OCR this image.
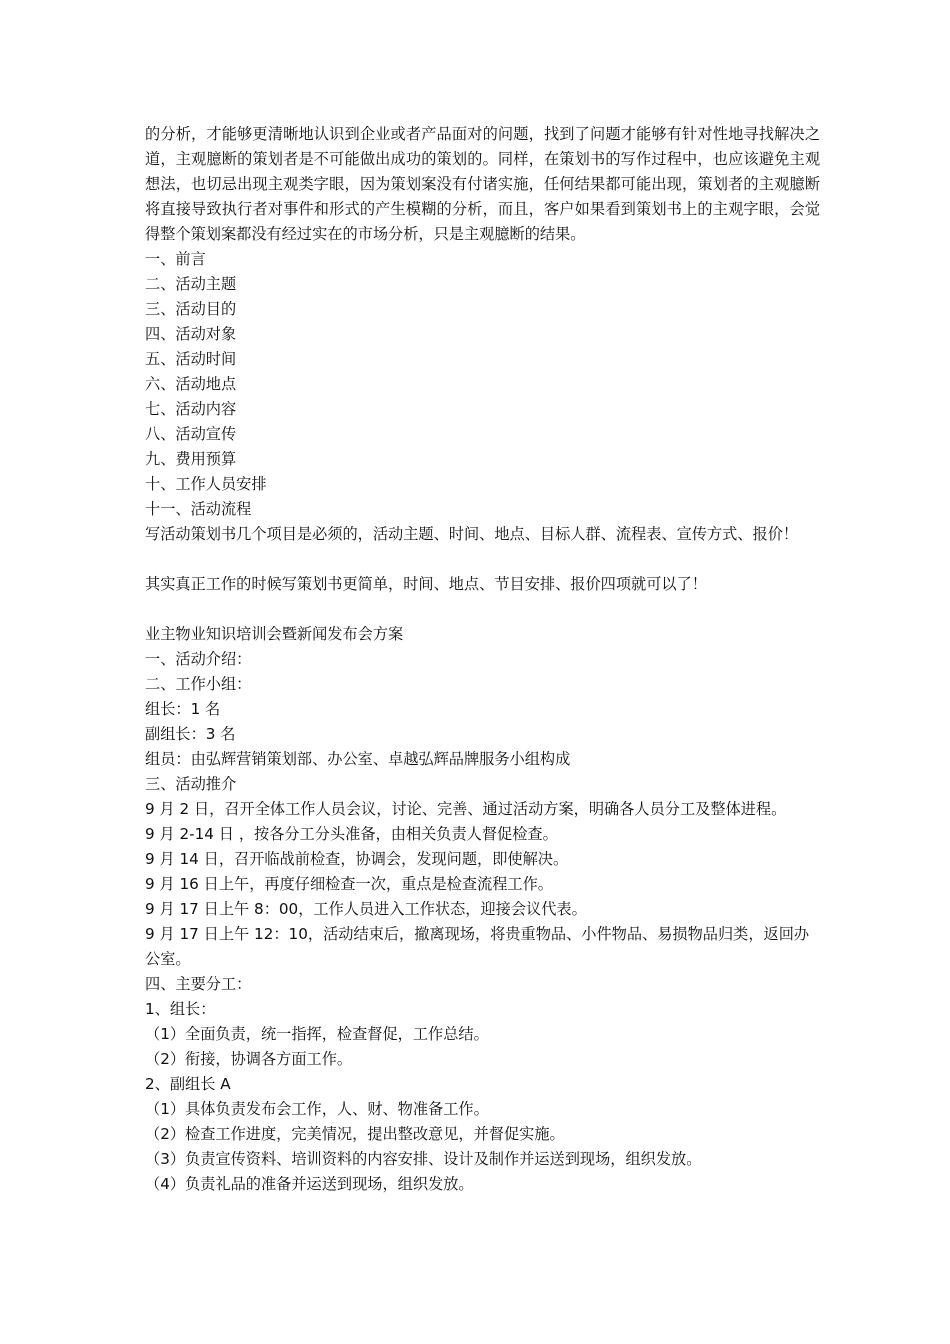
的分析，才能够更清晰地认识到企业或者产品面对的问题，找到了问题才能够有针对性地寻找解决之道，主观臆断的策划者是不可能做出成功的策划的。同样，在策划书的写作过程中，也应该避免主观想法，也切忌出现主观类字眼，因为策划案没有付诸实施，任何结果都可能出现，策划者的主观臆断将直接导致执行者对事件和形式的产生模糊的分析，而且，客户如果看到策划书上的主观字眼，会觉得整个策划案都没有经过实在的市场分析，只是主观臆断的结果。

一、前言
二、活动主题
三、活动目的
四、活动对象
五、活动时间
六、活动地点
七、活动内容
八、活动宣传
九、费用预算
十、工作人员安排
十一、活动流程
写活动策划书几个项目是必须的，活动主题、时间、地点、目标人群、流程表、宣传方式、报价！
其实真正工作的时候写策划书更简单，时间、地点、节目安排、报价四项就可以了！
业主物业知识培训会暨新闻发布会方案
一、活动介绍：
二、工作小组：
组长：1 名
副组长：3 名
组员：由弘辉营销策划部、办公室、卓越弘辉品牌服务小组构成
三、活动推介
9 月 2 日，召开全体工作人员会议，讨论、完善、通过活动方案，明确各人员分工及整体进程。
9 月 2-14 日 ，按各分工分头准备，由相关负责人督促检查。
9 月 14 日，召开临战前检查，协调会，发现问题，即使解决。
9 月 16 日上午，再度仔细检查一次，重点是检查流程工作。
9 月 17 日上午 8：00，工作人员进入工作状态，迎接会议代表。
9 月 17 日上午 12：10，活动结束后，撤离现场，将贵重物品、小件物品、易损物品归类，返回办公室。
四、主要分工：
1、组长：
（1）全面负责，统一指挥，检查督促，工作总结。
（2）衔接，协调各方面工作。
2、副组长 A
（1）具体负责发布会工作，人、财、物准备工作。
（2）检查工作进度，完美情况，提出整改意见，并督促实施。
（3）负责宣传资料、培训资料的内容安排、设计及制作并运送到现场，组织发放。
（4）负责礼品的准备并运送到现场，组织发放。
